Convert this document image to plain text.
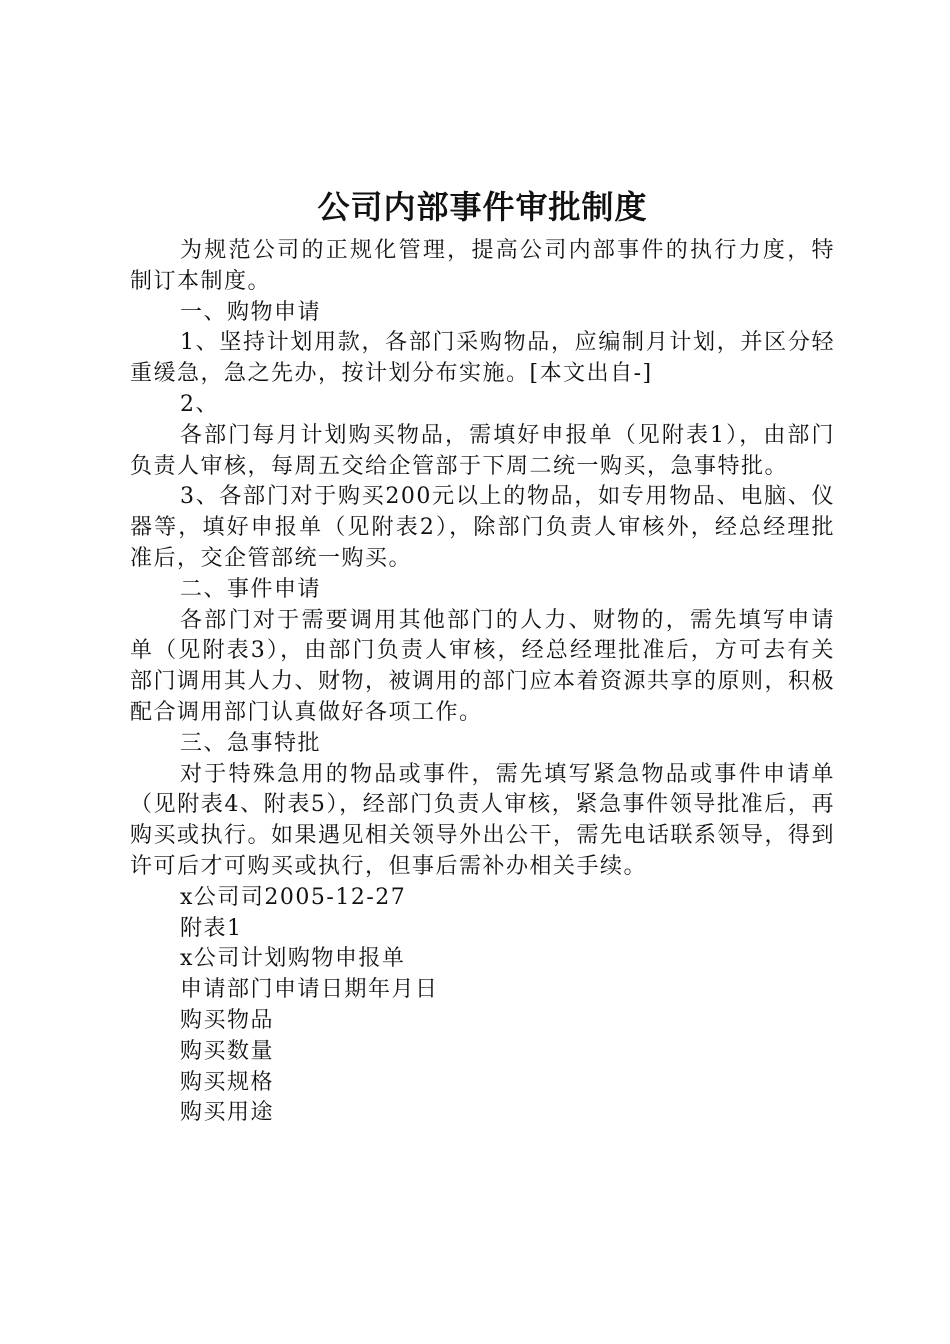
公司内部事件审批制度

为规范公司的正规化管理，提高公司内部事件的执行力度，特制订本制度。

一、购物申请

1、坚持计划用款，各部门采购物品，应编制月计划，并区分轻重缓急，急之先办，按计划分布实施。[本文出自-]

2、

各部门每月计划购买物品，需填好申报单（见附表1），由部门负责人审核，每周五交给企管部于下周二统一购买，急事特批。

3、各部门对于购买200元以上的物品，如专用物品、电脑、仪器等，填好申报单（见附表2），除部门负责人审核外，经总经理批准后，交企管部统一购买。

二、事件申请

各部门对于需要调用其他部门的人力、财物的，需先填写申请单（见附表3），由部门负责人审核，经总经理批准后，方可去有关部门调用其人力、财物，被调用的部门应本着资源共享的原则，积极配合调用部门认真做好各项工作。

三、急事特批

对于特殊急用的物品或事件，需先填写紧急物品或事件申请单（见附表4、附表5），经部门负责人审核，紧急事件领导批准后，再购买或执行。如果遇见相关领导外出公干，需先电话联系领导，得到许可后才可购买或执行，但事后需补办相关手续。

x公司司2005-12-27

附表1

x公司计划购物申报单

申请部门申请日期年月日

购买物品

购买数量

购买规格

购买用途
